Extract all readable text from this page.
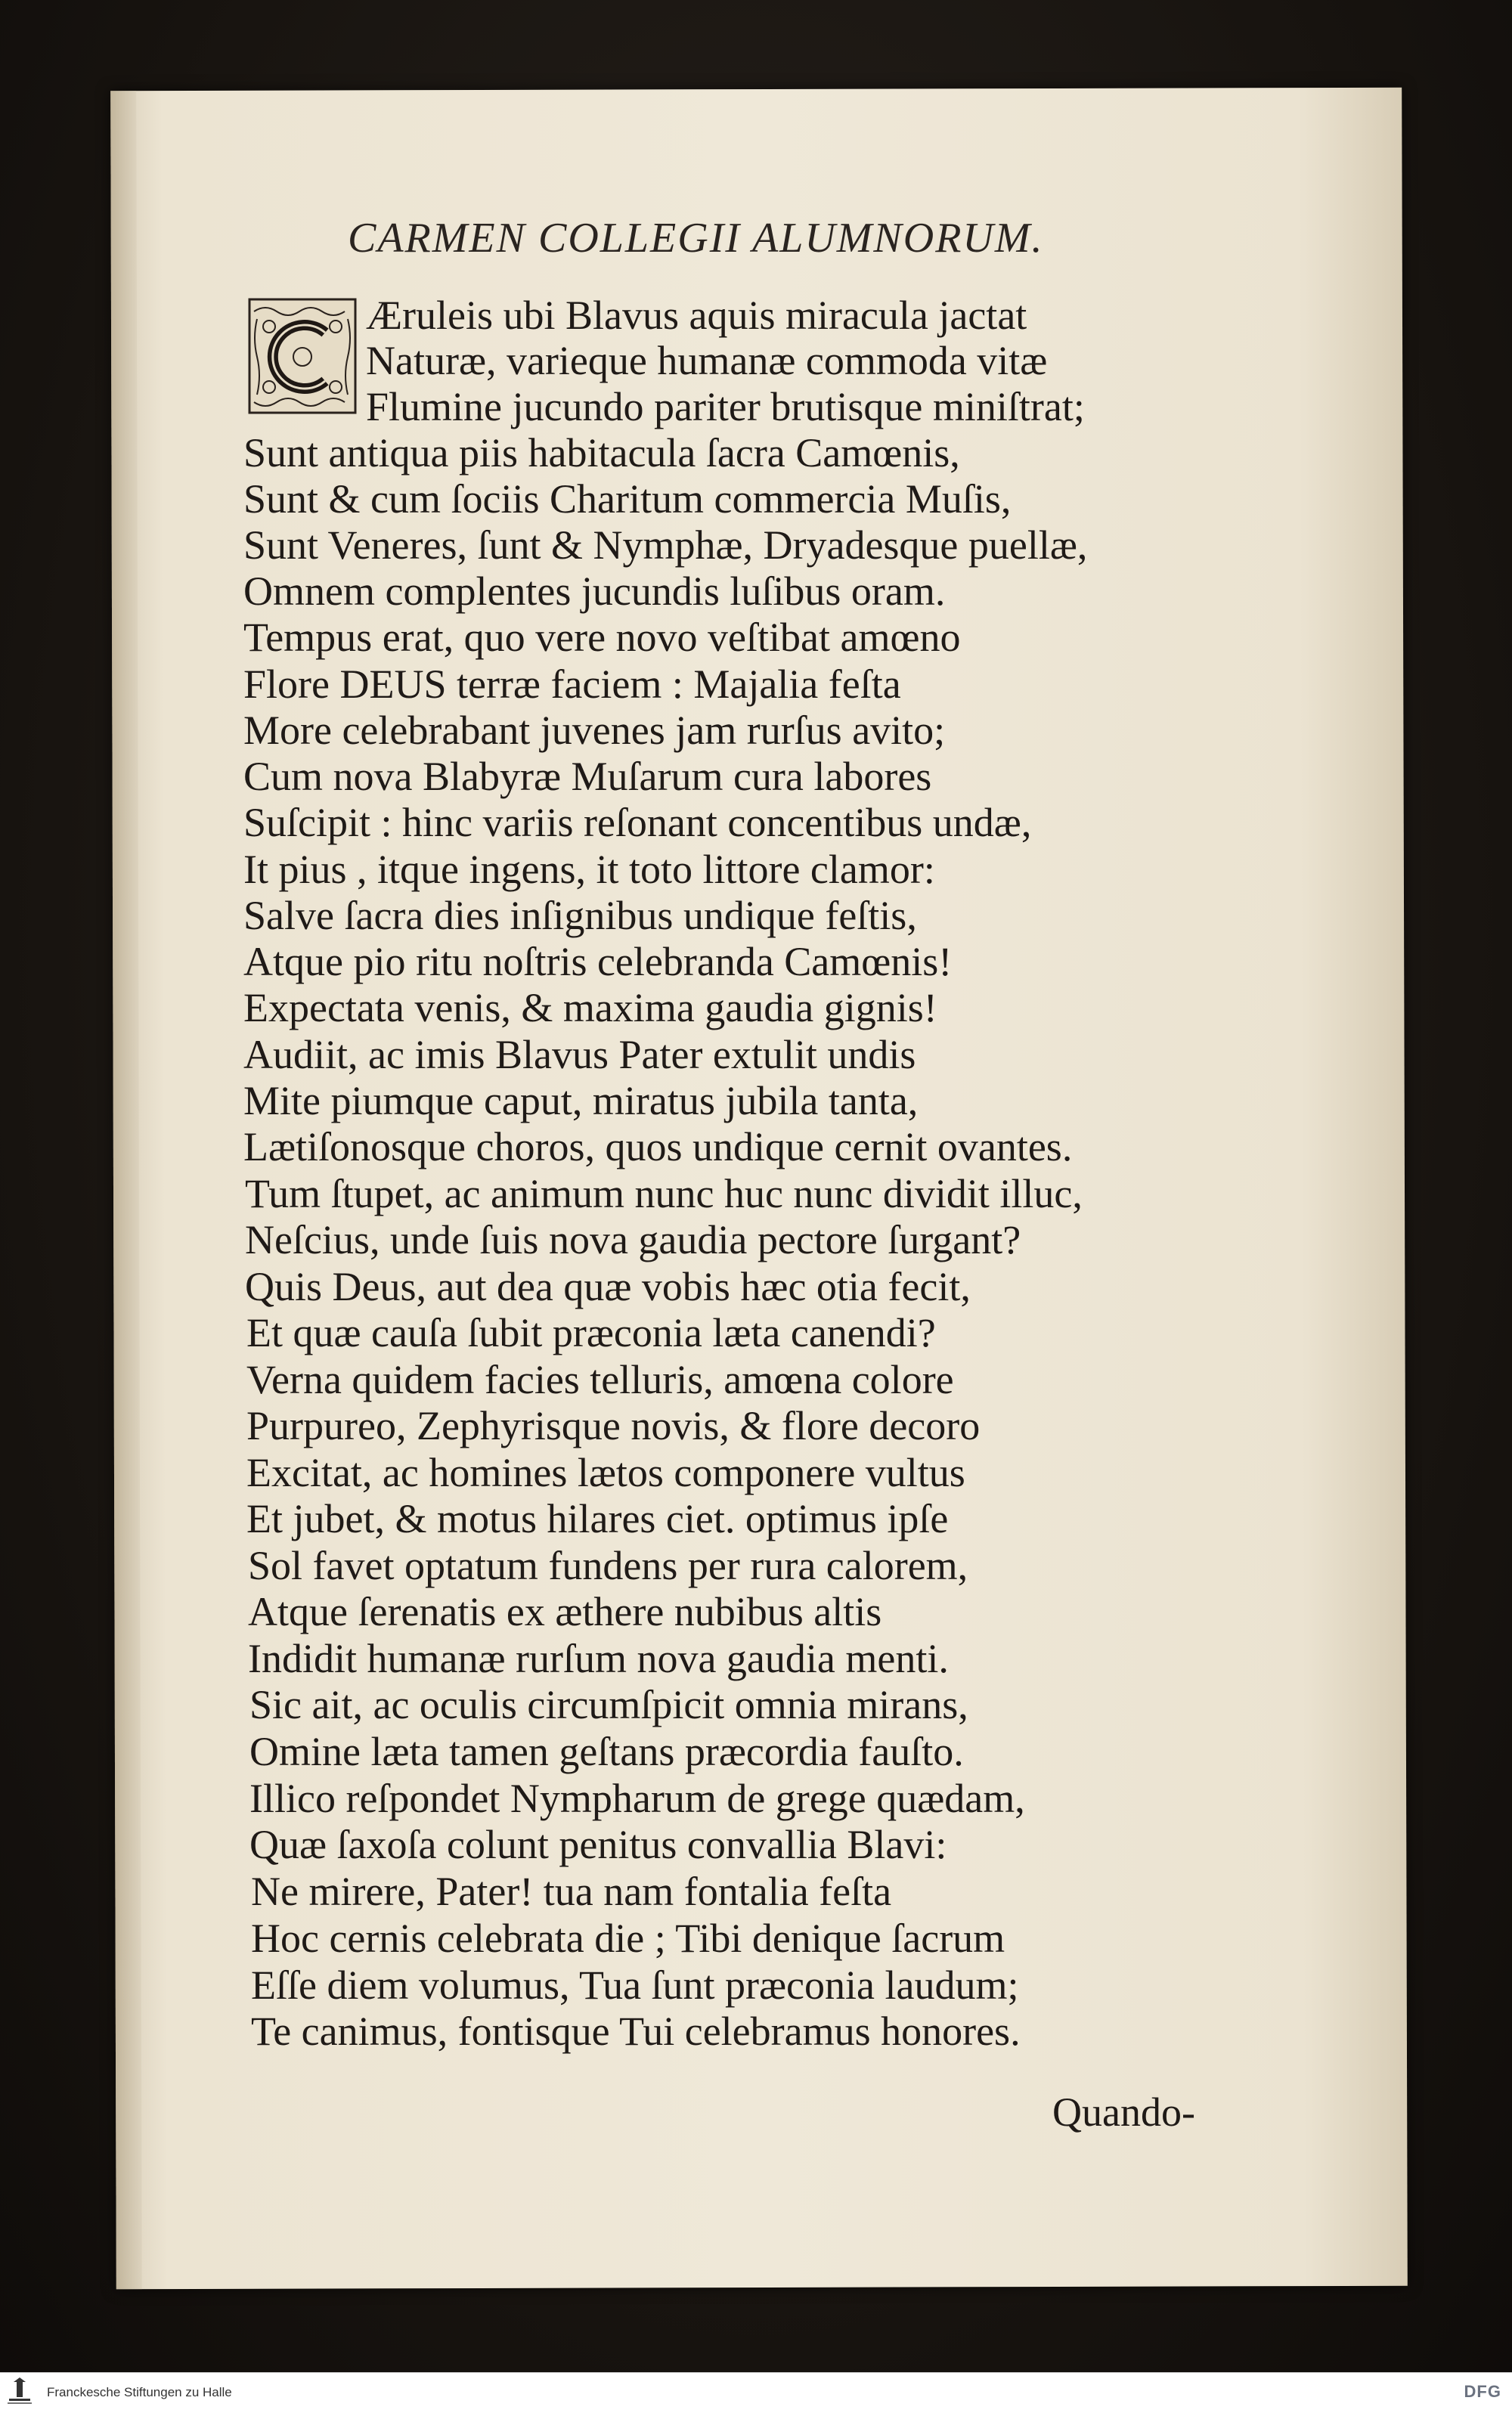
CARMEN COLLEGII ALUMNORUM.
Æruleis ubi Blavus aquis miracula jactat
Naturæ, varieque humanæ commoda vitæ
Flumine jucundo pariter brutisque miniſtrat;
Sunt antiqua piis habitacula ſacra Camœnis,
Sunt & cum ſociis Charitum commercia Muſis,
Sunt Veneres, ſunt & Nymphæ, Dryadesque puellæ,
Omnem complentes jucundis luſibus oram.
Tempus erat, quo vere novo veſtibat amœno
Flore DEUS terræ faciem : Majalia feſta
More celebrabant juvenes jam rurſus avito;
Cum nova Blabyræ Muſarum cura labores
Suſcipit : hinc variis reſonant concentibus undæ,
It pius , itque ingens, it toto littore clamor:
Salve ſacra dies inſignibus undique feſtis,
Atque pio ritu noſtris celebranda Camœnis!
Expectata venis, & maxima gaudia gignis!
Audiit, ac imis Blavus Pater extulit undis
Mite piumque caput, miratus jubila tanta,
Lætiſonosque choros, quos undique cernit ovantes.
Tum ſtupet, ac animum nunc huc nunc dividit illuc,
Neſcius, unde ſuis nova gaudia pectore ſurgant?
Quis Deus, aut dea quæ vobis hæc otia fecit,
Et quæ cauſa ſubit præconia læta canendi?
Verna quidem facies telluris, amœna colore
Purpureo, Zephyrisque novis, & flore decoro
Excitat, ac homines lætos componere vultus
Et jubet, & motus hilares ciet. optimus ipſe
Sol favet optatum fundens per rura calorem,
Atque ſerenatis ex æthere nubibus altis
Indidit humanæ rurſum nova gaudia menti.
Sic ait, ac oculis circumſpicit omnia mirans,
Omine læta tamen geſtans præcordia fauſto.
Illico reſpondet Nympharum de grege quædam,
Quæ ſaxoſa colunt penitus convallia Blavi:
Ne mirere, Pater! tua nam fontalia feſta
Hoc cernis celebrata die ; Tibi denique ſacrum
Eſſe diem volumus, Tua ſunt præconia laudum;
Te canimus, fontisque Tui celebramus honores.
Quando-
Franckesche Stiftungen zu Halle	DFG
